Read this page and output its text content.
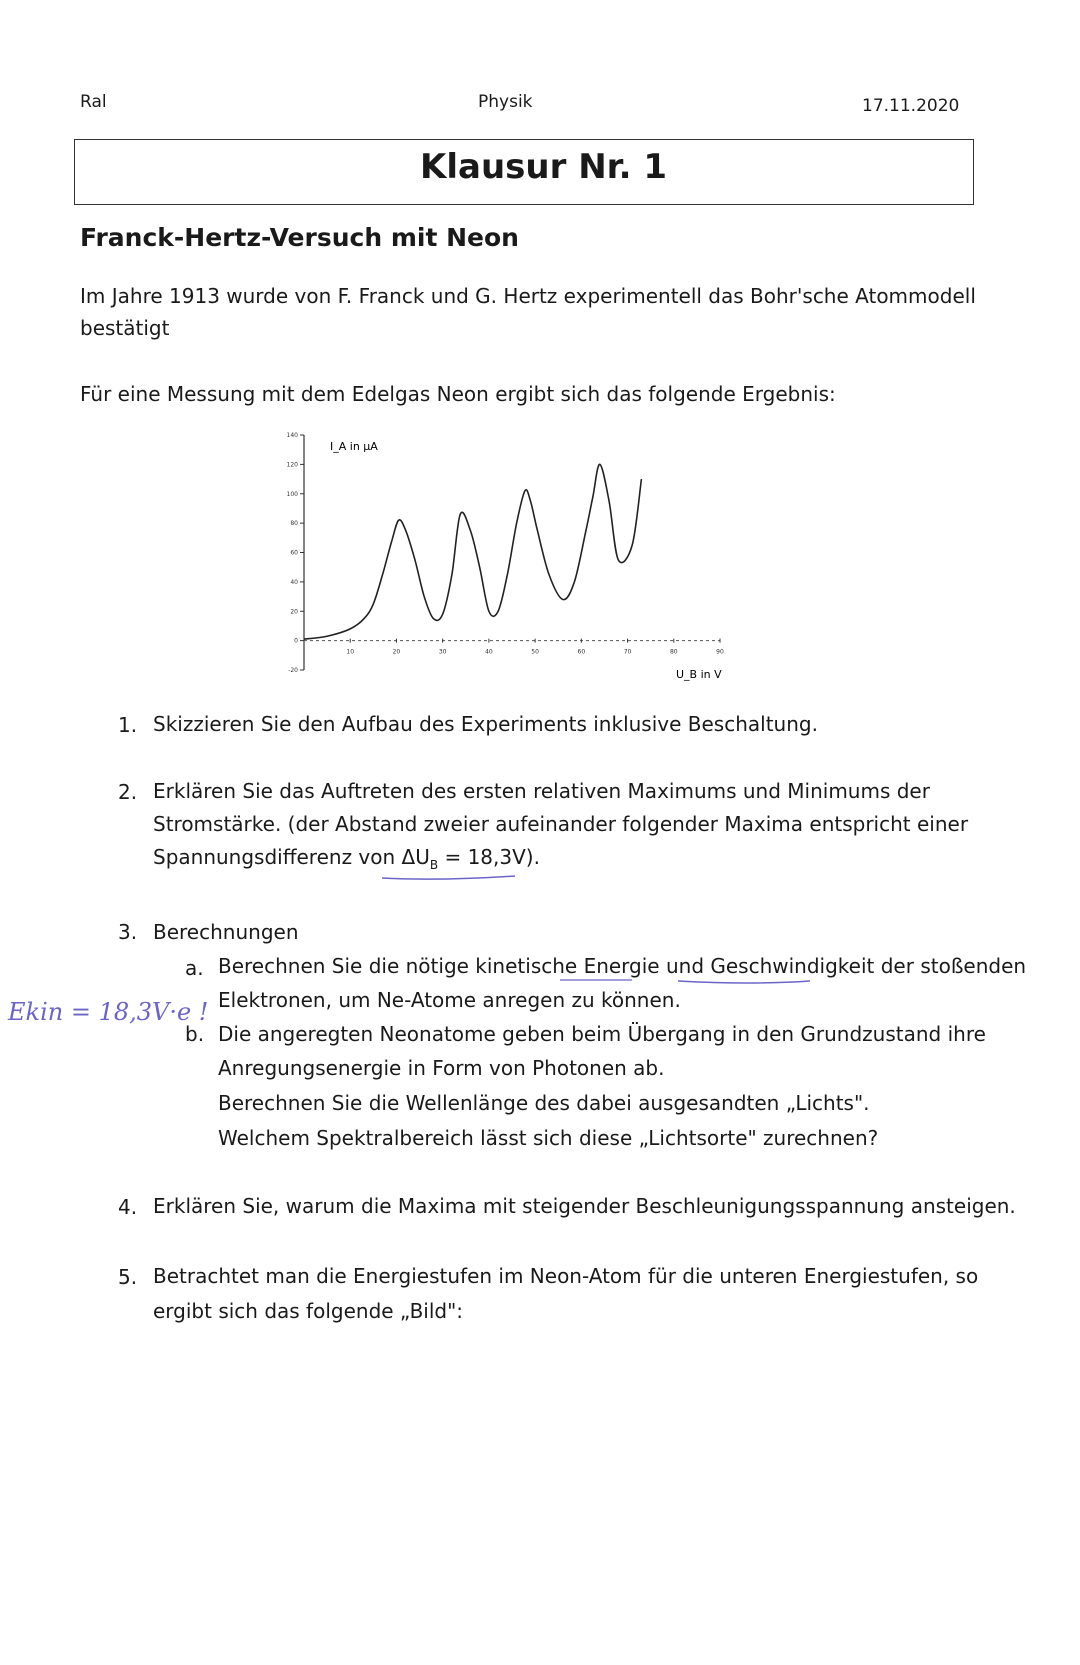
Ral	Physik	17.11.2020
Klausur Nr. 1
Franck-Hertz-Versuch mit Neon
Im Jahre 1913 wurde von F. Franck und G. Hertz experimentell das Bohr'sche Atommodell
bestätigt
Für eine Messung mit dem Edelgas Neon ergibt sich das folgende Ergebnis:
-20
0
20
40
60
80
100
120
140
10	20	30	40	50	60	70	80	90
I_A in μA
U_B in V
1. Skizzieren Sie den Aufbau des Experiments inklusive Beschaltung.
2. Erklären Sie das Auftreten des ersten relativen Maximums und Minimums der
Stromstärke. (der Abstand zweier aufeinander folgender Maxima entspricht einer
Spannungsdifferenz von $\Delta U_B = 18,3V$).
3. Berechnungen
a. Berechnen Sie die nötige kinetische Energie und Geschwindigkeit der stoßenden
Elektronen, um Ne-Atome anregen zu können.
Ekin = 18,3V·e !
b. Die angeregten Neonatome geben beim Übergang in den Grundzustand ihre
Anregungsenergie in Form von Photonen ab.
Berechnen Sie die Wellenlänge des dabei ausgesandten „Lichts".
Welchem Spektralbereich lässt sich diese „Lichtsorte" zurechnen?
4. Erklären Sie, warum die Maxima mit steigender Beschleunigungsspannung ansteigen.
5. Betrachtet man die Energiestufen im Neon-Atom für die unteren Energiestufen, so
ergibt sich das folgende „Bild":
